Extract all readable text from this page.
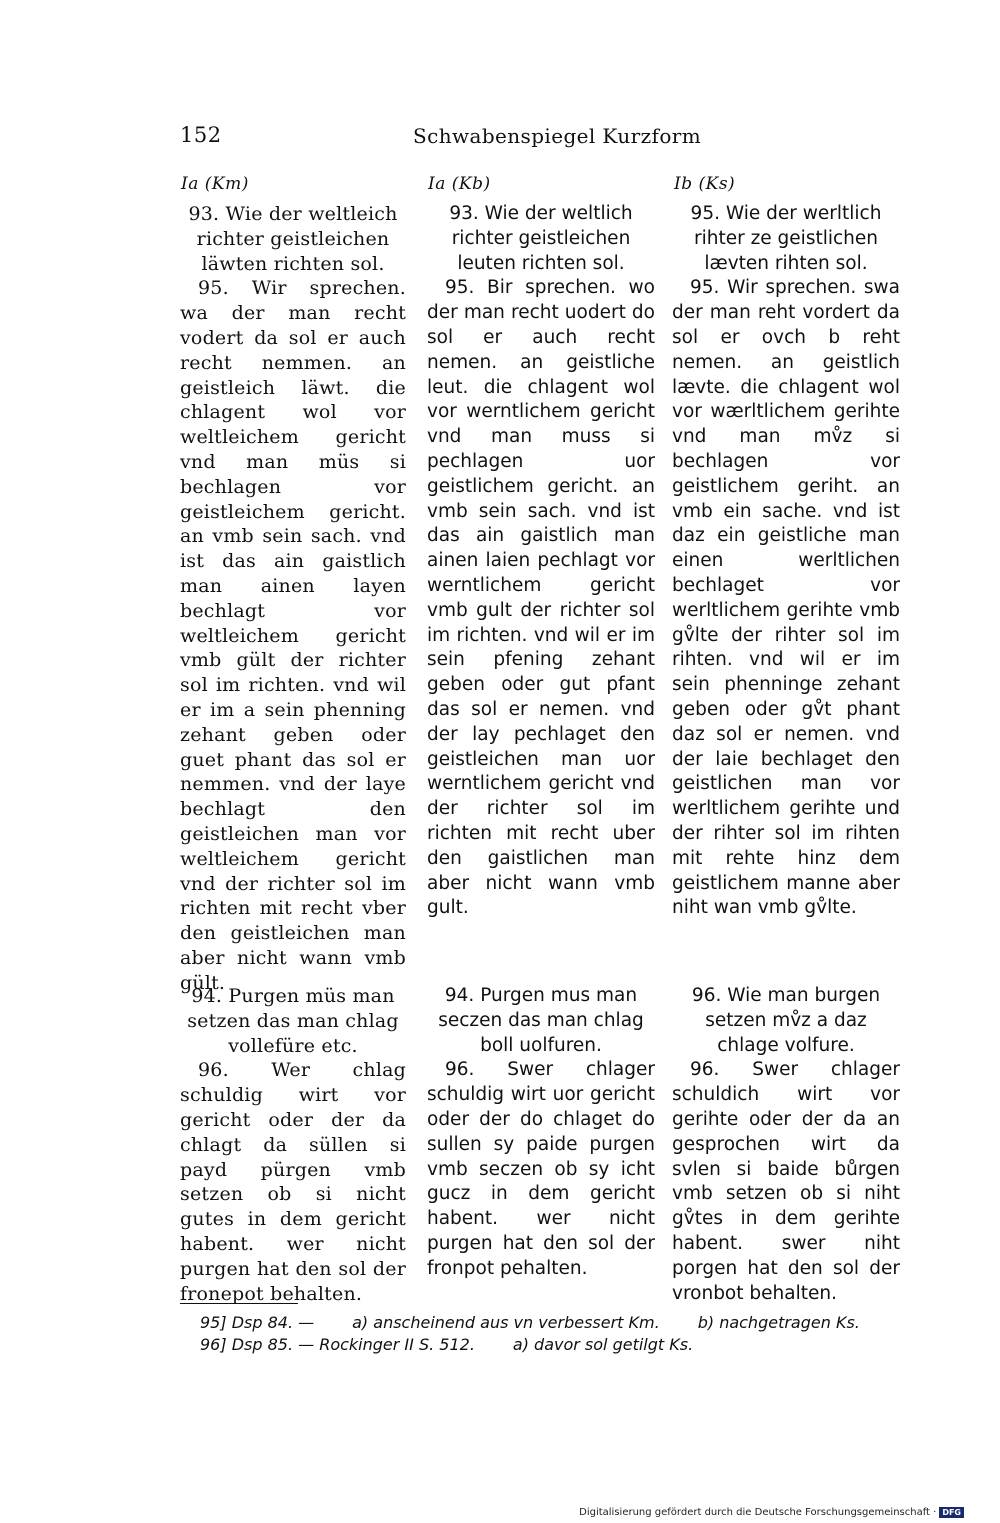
152	Schwabenspiegel Kurzform
Ia (Km)	Ia (Kb)	Ib (Ks)

93. Wie der weltleich richter geistleichen läwten richten sol.

95. Wir sprechen. wa der man recht vodert da sol er auch recht nemmen. an geistleich läwt. die chlagent wol vor weltleichem gericht vnd man müs si bechlagen vor geistleichem gericht. an vmb sein sach. vnd ist das ain gaistlich man ainen layen bechlagt vor weltleichem gericht vmb gült der richter sol im richten. vnd wil er im a sein phenning zehant geben oder guet phant das sol er nemmen. vnd der laye bechlagt den geistleichen man vor weltleichem gericht vnd der richter sol im richten mit recht vber den geistleichen man aber nicht wann vmb gült.

94. Purgen müs man setzen das man chlag vollefüre etc.

96. Wer chlag schuldig wirt vor gericht oder der da chlagt da süllen si payd pürgen vmb setzen ob si nicht gutes in dem gericht habent. wer nicht purgen hat den sol der fronepot behalten.

93. Wie der weltlich richter geistleichen leuten richten sol.

95. Bir sprechen. wo der man recht uodert do sol er auch recht nemen. an geistliche leut. die chlagent wol vor werntlichem gericht vnd man muss si pechlagen uor geistlichem gericht. an vmb sein sach. vnd ist das ain gaistlich man ainen laien pechlagt vor werntlichem gericht vmb gult der richter sol im richten. vnd wil er im sein pfening zehant geben oder gut pfant das sol er nemen. vnd der lay pechlaget den geistleichen man uor werntlichem gericht vnd der richter sol im richten mit recht uber den gaistlichen man aber nicht wann vmb gult.

94. Purgen mus man seczen das man chlag boll uolfuren.

96. Swer chlager schuldig wirt uor gericht oder der do chlaget do sullen sy paide purgen vmb seczen ob sy icht gucz in dem gericht habent. wer nicht purgen hat den sol der fronpot pehalten.

95. Wie der werltlich rihter ze geistlichen lævten rihten sol.

95. Wir sprechen. swa der man reht vordert da sol er ovch b reht nemen. an geistlich lævte. die chlagent wol vor wærltlichem gerihte vnd man mv̊z si bechlagen vor geistlichem geriht. an vmb ein sache. vnd ist daz ein geistliche man einen werltlichen bechlaget vor werltlichem gerihte vmb gv̊lte der rihter sol im rihten. vnd wil er im sein phenninge zehant geben oder gv̊t phant daz sol er nemen. vnd der laie bechlaget den geistlichen man vor werltlichem gerihte und der rihter sol im rihten mit rehte hinz dem geistlichem manne aber niht wan vmb gv̊lte.

96. Wie man burgen setzen mv̊z a daz chlage volfure.

96. Swer chlager schuldich wirt vor gerihte oder der da an gesprochen wirt da svlen si baide bůrgen vmb setzen ob si niht gv̊tes in dem gerihte habent. swer niht porgen hat den sol der vronbot behalten.

95] Dsp 84. — a) anscheinend aus vn verbessert Km. b) nachgetragen Ks.

96] Dsp 85. — Rockinger II S. 512. a) davor sol getilgt Ks.

Digitalisierung gefördert durch die Deutsche Forschungsgemeinschaft · DFG
